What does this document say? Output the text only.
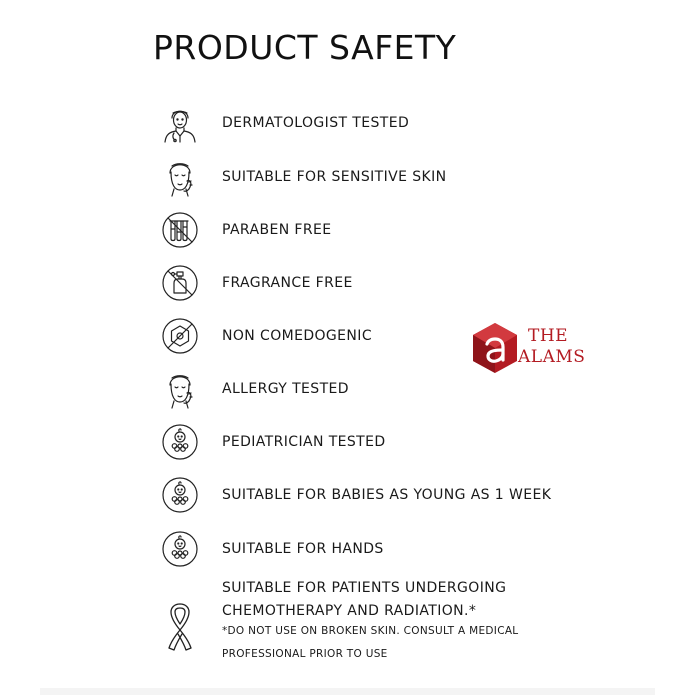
PRODUCT SAFETY
DERMATOLOGIST TESTED
SUITABLE FOR SENSITIVE SKIN
PARABEN FREE
FRAGRANCE FREE
NON COMEDOGENIC
ALLERGY TESTED
PEDIATRICIAN TESTED
SUITABLE FOR BABIES AS YOUNG AS 1 WEEK
SUITABLE FOR HANDS
SUITABLE FOR PATIENTS UNDERGOING
CHEMOTHERAPY AND RADIATION.*
*DO NOT USE ON BROKEN SKIN. CONSULT A MEDICAL
PROFESSIONAL PRIOR TO USE
THE
ALAMS
